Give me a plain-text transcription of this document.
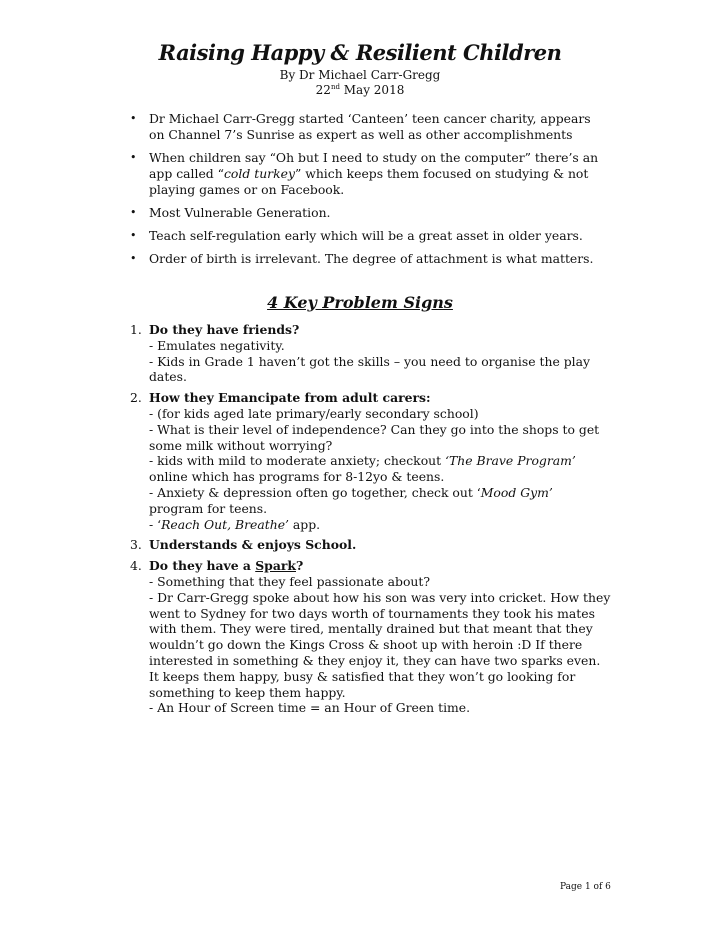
Raising Happy & Resilient Children
By Dr Michael Carr-Gregg
22nd May 2018
• Dr Michael Carr-Gregg started ‘Canteen’ teen cancer charity, appears on Channel 7’s Sunrise as expert as well as other accomplishments
• When children say “Oh but I need to study on the computer” there’s an app called “cold turkey” which keeps them focused on studying & not playing games or on Facebook.
• Most Vulnerable Generation.
• Teach self-regulation early which will be a great asset in older years.
• Order of birth is irrelevant. The degree of attachment is what matters.
4 Key Problem Signs
1. Do they have friends?
- Emulates negativity.
- Kids in Grade 1 haven’t got the skills – you need to organise the play dates.
2. How they Emancipate from adult carers:
- (for kids aged late primary/early secondary school)
- What is their level of independence? Can they go into the shops to get some milk without worrying?
- kids with mild to moderate anxiety; checkout ‘The Brave Program’ online which has programs for 8-12yo & teens.
- Anxiety & depression often go together, check out ‘Mood Gym’ program for teens.
- ‘Reach Out, Breathe’ app.
3. Understands & enjoys School.
4. Do they have a Spark?
- Something that they feel passionate about?
- Dr Carr-Gregg spoke about how his son was very into cricket. How they went to Sydney for two days worth of tournaments they took his mates with them. They were tired, mentally drained but that meant that they wouldn’t go down the Kings Cross & shoot up with heroin :D If there interested in something & they enjoy it, they can have two sparks even. It keeps them happy, busy & satisfied that they won’t go looking for something to keep them happy.
- An Hour of Screen time = an Hour of Green time.
Page 1 of 6
